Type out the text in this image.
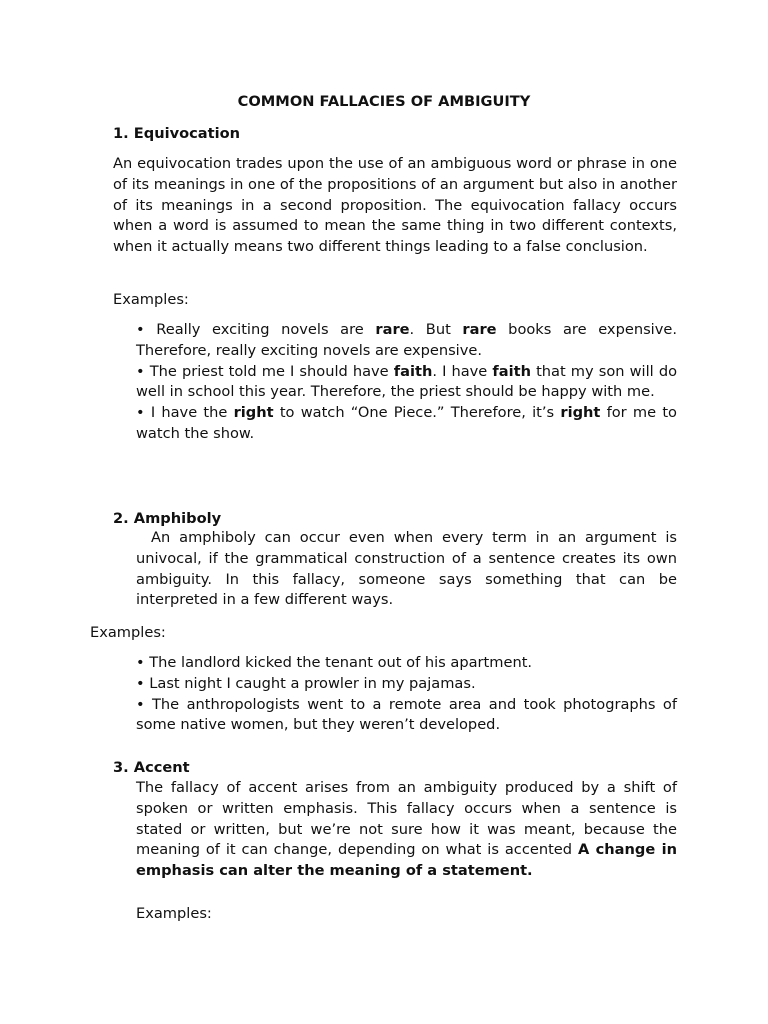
COMMON FALLACIES OF AMBIGUITY
1. Equivocation
An equivocation trades upon the use of an ambiguous word or phrase in one of its meanings in one of the propositions of an argument but also in another of its meanings in a second proposition. The equivocation fallacy occurs when a word is assumed to mean the same thing in two different contexts, when it actually means two different things leading to a false conclusion.
Examples:
• Really exciting novels are rare. But rare books are expensive. Therefore, really exciting novels are expensive.
• The priest told me I should have faith. I have faith that my son will do well in school this year. Therefore, the priest should be happy with me.
• I have the right to watch “One Piece.” Therefore, it’s right for me to watch the show.
2. Amphiboly
An amphiboly can occur even when every term in an argument is univocal, if the grammatical construction of a sentence creates its own ambiguity. In this fallacy, someone says something that can be interpreted in a few different ways.
Examples:
• The landlord kicked the tenant out of his apartment.
• Last night I caught a prowler in my pajamas.
• The anthropologists went to a remote area and took photographs of some native women, but they weren’t developed.
3. Accent
The fallacy of accent arises from an ambiguity produced by a shift of spoken or written emphasis. This fallacy occurs when a sentence is stated or written, but we’re not sure how it was meant, because the meaning of it can change, depending on what is accented A change in emphasis can alter the meaning of a statement.
Examples:
